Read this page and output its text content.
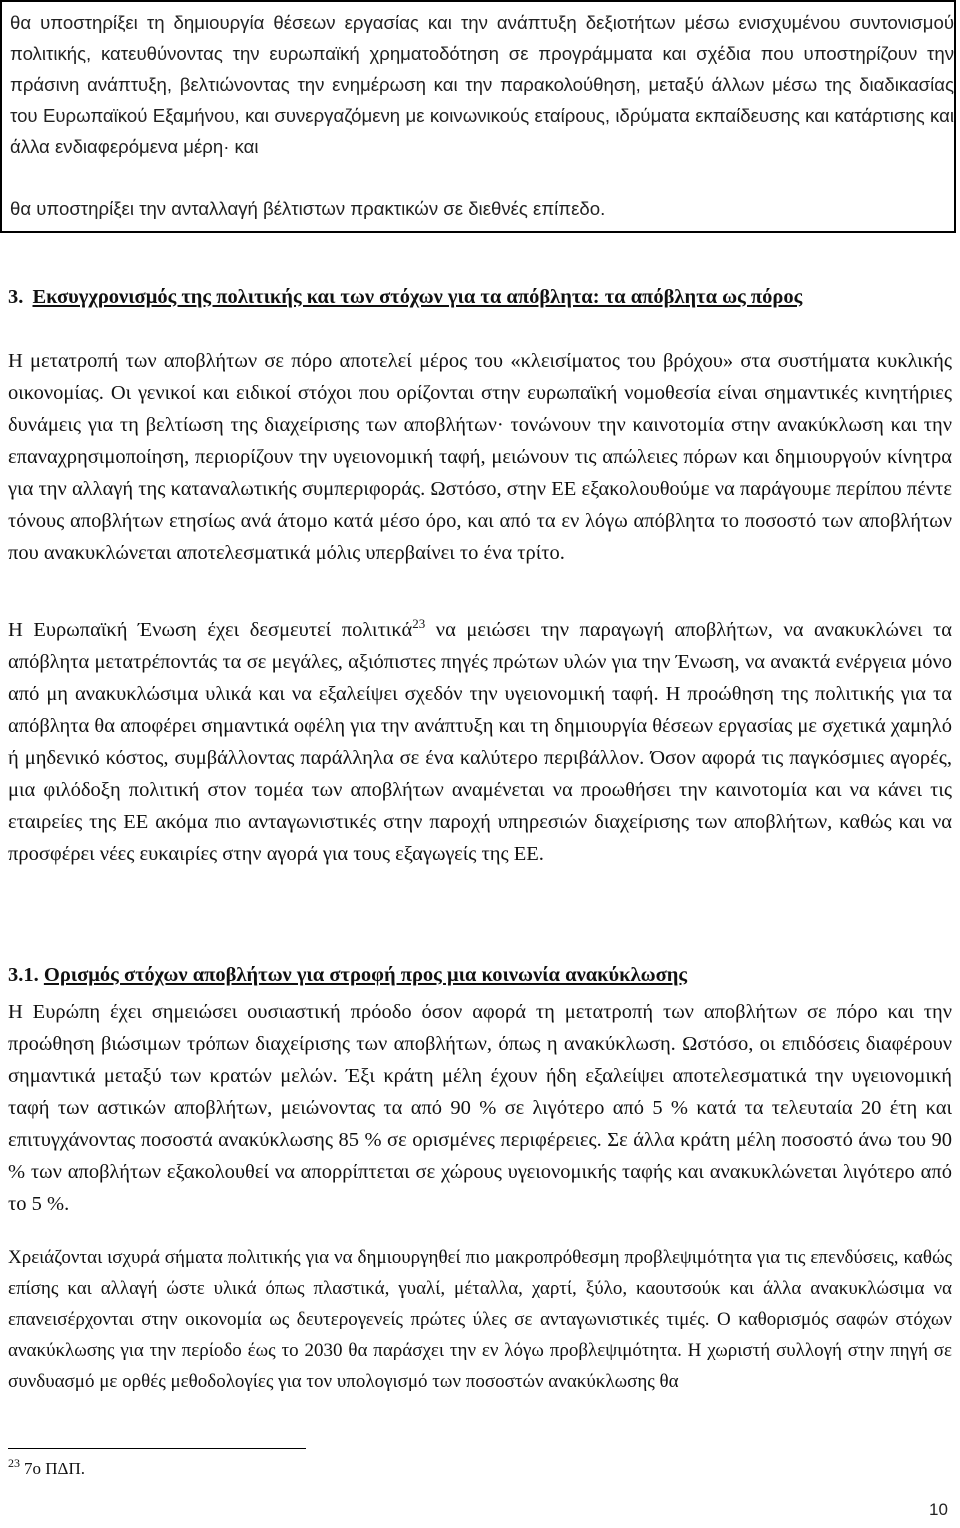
θα υποστηρίξει τη δημιουργία θέσεων εργασίας και την ανάπτυξη δεξιοτήτων μέσω ενισχυμένου συντονισμού πολιτικής, κατευθύνοντας την ευρωπαϊκή χρηματοδότηση σε προγράμματα και σχέδια που υποστηρίζουν την πράσινη ανάπτυξη, βελτιώνοντας την ενημέρωση και την παρακολούθηση, μεταξύ άλλων μέσω της διαδικασίας του Ευρωπαϊκού Εξαμήνου, και συνεργαζόμενη με κοινωνικούς εταίρους, ιδρύματα εκπαίδευσης και κατάρτισης και άλλα ενδιαφερόμενα μέρη· και

θα υποστηρίξει την ανταλλαγή βέλτιστων πρακτικών σε διεθνές επίπεδο.

3. Εκσυγχρονισμός της πολιτικής και των στόχων για τα απόβλητα: τα απόβλητα ως πόρος

Η μετατροπή των αποβλήτων σε πόρο αποτελεί μέρος του «κλεισίματος του βρόχου» στα συστήματα κυκλικής οικονομίας. Οι γενικοί και ειδικοί στόχοι που ορίζονται στην ευρωπαϊκή νομοθεσία είναι σημαντικές κινητήριες δυνάμεις για τη βελτίωση της διαχείρισης των αποβλήτων· τονώνουν την καινοτομία στην ανακύκλωση και την επαναχρησιμοποίηση, περιορίζουν την υγειονομική ταφή, μειώνουν τις απώλειες πόρων και δημιουργούν κίνητρα για την αλλαγή της καταναλωτικής συμπεριφοράς. Ωστόσο, στην ΕΕ εξακολουθούμε να παράγουμε περίπου πέντε τόνους αποβλήτων ετησίως ανά άτομο κατά μέσο όρο, και από τα εν λόγω απόβλητα το ποσοστό των αποβλήτων που ανακυκλώνεται αποτελεσματικά μόλις υπερβαίνει το ένα τρίτο.

Η Ευρωπαϊκή Ένωση έχει δεσμευτεί πολιτικά$^{23}$ να μειώσει την παραγωγή αποβλήτων, να ανακυκλώνει τα απόβλητα μετατρέποντάς τα σε μεγάλες, αξιόπιστες πηγές πρώτων υλών για την Ένωση, να ανακτά ενέργεια μόνο από μη ανακυκλώσιμα υλικά και να εξαλείψει σχεδόν την υγειονομική ταφή. Η προώθηση της πολιτικής για τα απόβλητα θα αποφέρει σημαντικά οφέλη για την ανάπτυξη και τη δημιουργία θέσεων εργασίας με σχετικά χαμηλό ή μηδενικό κόστος, συμβάλλοντας παράλληλα σε ένα καλύτερο περιβάλλον. Όσον αφορά τις παγκόσμιες αγορές, μια φιλόδοξη πολιτική στον τομέα των αποβλήτων αναμένεται να προωθήσει την καινοτομία και να κάνει τις εταιρείες της ΕΕ ακόμα πιο ανταγωνιστικές στην παροχή υπηρεσιών διαχείρισης των αποβλήτων, καθώς και να προσφέρει νέες ευκαιρίες στην αγορά για τους εξαγωγείς της ΕΕ.

3.1. Ορισμός στόχων αποβλήτων για στροφή προς μια κοινωνία ανακύκλωσης

Η Ευρώπη έχει σημειώσει ουσιαστική πρόοδο όσον αφορά τη μετατροπή των αποβλήτων σε πόρο και την προώθηση βιώσιμων τρόπων διαχείρισης των αποβλήτων, όπως η ανακύκλωση. Ωστόσο, οι επιδόσεις διαφέρουν σημαντικά μεταξύ των κρατών μελών. Έξι κράτη μέλη έχουν ήδη εξαλείψει αποτελεσματικά την υγειονομική ταφή των αστικών αποβλήτων, μειώνοντας τα από 90 % σε λιγότερο από 5 % κατά τα τελευταία 20 έτη και επιτυγχάνοντας ποσοστά ανακύκλωσης 85 % σε ορισμένες περιφέρειες. Σε άλλα κράτη μέλη ποσοστό άνω του 90 % των αποβλήτων εξακολουθεί να απορρίπτεται σε χώρους υγειονομικής ταφής και ανακυκλώνεται λιγότερο από το 5 %.

Χρειάζονται ισχυρά σήματα πολιτικής για να δημιουργηθεί πιο μακροπρόθεσμη προβλεψιμότητα για τις επενδύσεις, καθώς επίσης και αλλαγή ώστε υλικά όπως πλαστικά, γυαλί, μέταλλα, χαρτί, ξύλο, καουτσούκ και άλλα ανακυκλώσιμα να επανεισέρχονται στην οικονομία ως δευτερογενείς πρώτες ύλες σε ανταγωνιστικές τιμές. Ο καθορισμός σαφών στόχων ανακύκλωσης για την περίοδο έως το 2030 θα παράσχει την εν λόγω προβλεψιμότητα. Η χωριστή συλλογή στην πηγή σε συνδυασμό με ορθές μεθοδολογίες για τον υπολογισμό των ποσοστών ανακύκλωσης θα

$^{23}$ 7ο ΠΔΠ.
10
